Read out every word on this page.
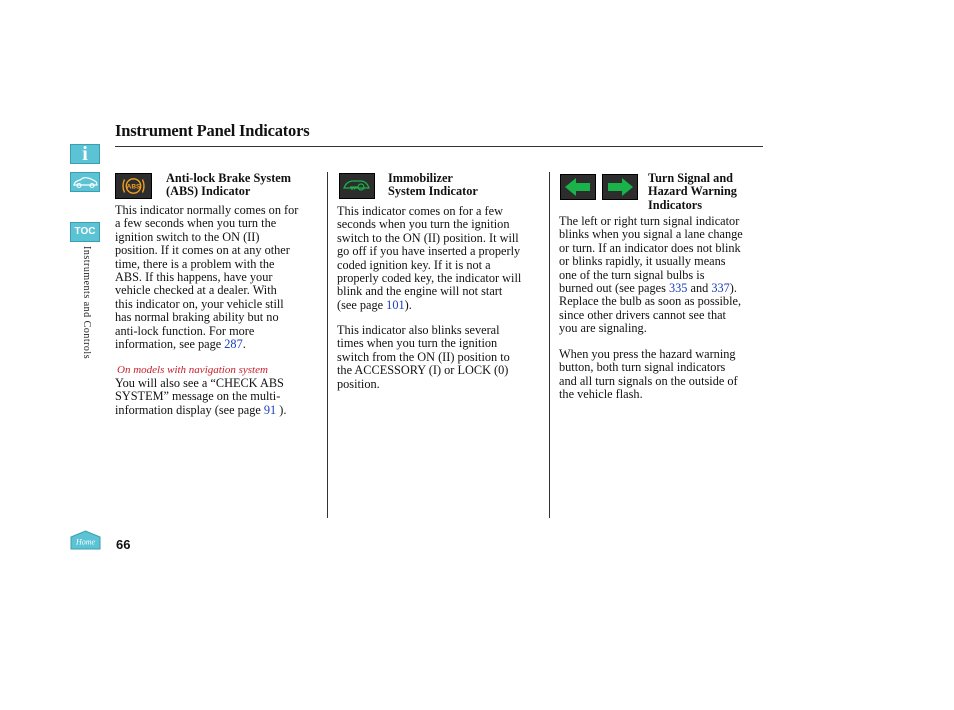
Instrument Panel Indicators
i
TOC
Instruments and Controls
Home 66
ABS
Anti-lock Brake System
(ABS) Indicator
This indicator normally comes on for
a few seconds when you turn the
ignition switch to the ON (II)
position. If it comes on at any other
time, there is a problem with the
ABS. If this happens, have your
vehicle checked at a dealer. With
this indicator on, your vehicle still
has normal braking ability but no
anti-lock function. For more
information, see page 287.
On models with navigation system
You will also see a “CHECK ABS
SYSTEM” message on the multi-
information display (see page 91 ).
Immobilizer
System Indicator
This indicator comes on for a few
seconds when you turn the ignition
switch to the ON (II) position. It will
go off if you have inserted a properly
coded ignition key. If it is not a
properly coded key, the indicator will
blink and the engine will not start
(see page 101).
This indicator also blinks several
times when you turn the ignition
switch from the ON (II) position to
the ACCESSORY (I) or LOCK (0)
position.
Turn Signal and
Hazard Warning
Indicators
The left or right turn signal indicator
blinks when you signal a lane change
or turn. If an indicator does not blink
or blinks rapidly, it usually means
one of the turn signal bulbs is
burned out (see pages 335 and 337).
Replace the bulb as soon as possible,
since other drivers cannot see that
you are signaling.
When you press the hazard warning
button, both turn signal indicators
and all turn signals on the outside of
the vehicle flash.
